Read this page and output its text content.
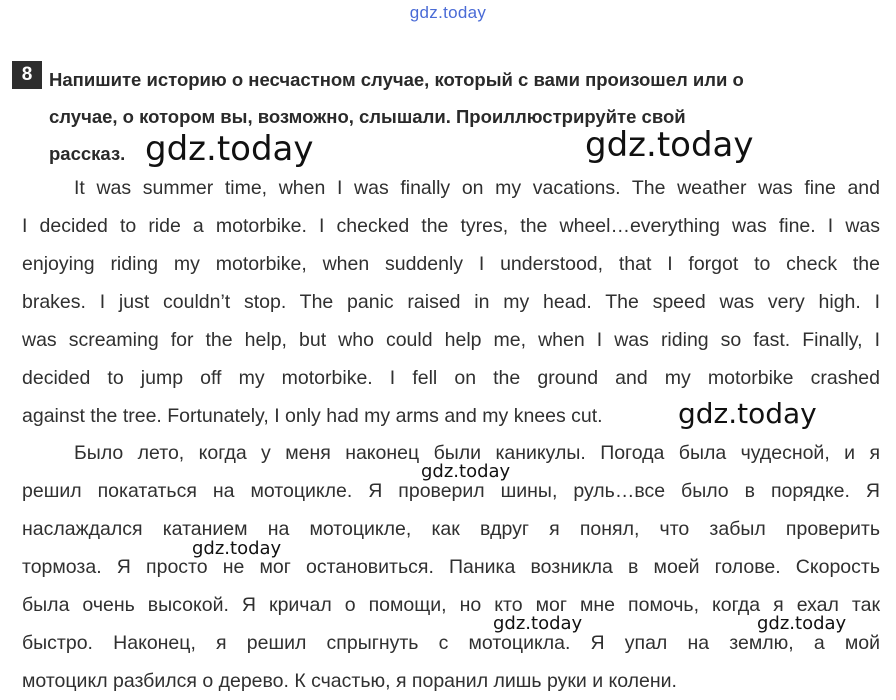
gdz.today
8 Напишите историю о несчастном случае, который с вами произошел или о
случае, о котором вы, возможно, слышали. Проиллюстрируйте свой
рассказ.
It was summer time, when I was finally on my vacations. The weather was fine and
I decided to ride a motorbike. I checked the tyres, the wheel…everything was fine. I was
enjoying riding my motorbike, when suddenly I understood, that I forgot to check the
brakes. I just couldn’t stop. The panic raised in my head. The speed was very high. I
was screaming for the help, but who could help me, when I was riding so fast. Finally, I
decided to jump off my motorbike. I fell on the ground and my motorbike crashed
against the tree. Fortunately, I only had my arms and my knees cut.
Было лето, когда у меня наконец были каникулы. Погода была чудесной, и я
решил покататься на мотоцикле. Я проверил шины, руль…все было в порядке. Я
наслаждался катанием на мотоцикле, как вдруг я понял, что забыл проверить
тормоза. Я просто не мог остановиться. Паника возникла в моей голове. Скорость
была очень высокой. Я кричал о помощи, но кто мог мне помочь, когда я ехал так
быстро. Наконец, я решил спрыгнуть с мотоцикла. Я упал на землю, а мой
мотоцикл разбился о дерево. К счастью, я поранил лишь руки и колени.
gdz.today	gdz.today
gdz.today
gdz.today
gdz.today
gdz.today	gdz.today
